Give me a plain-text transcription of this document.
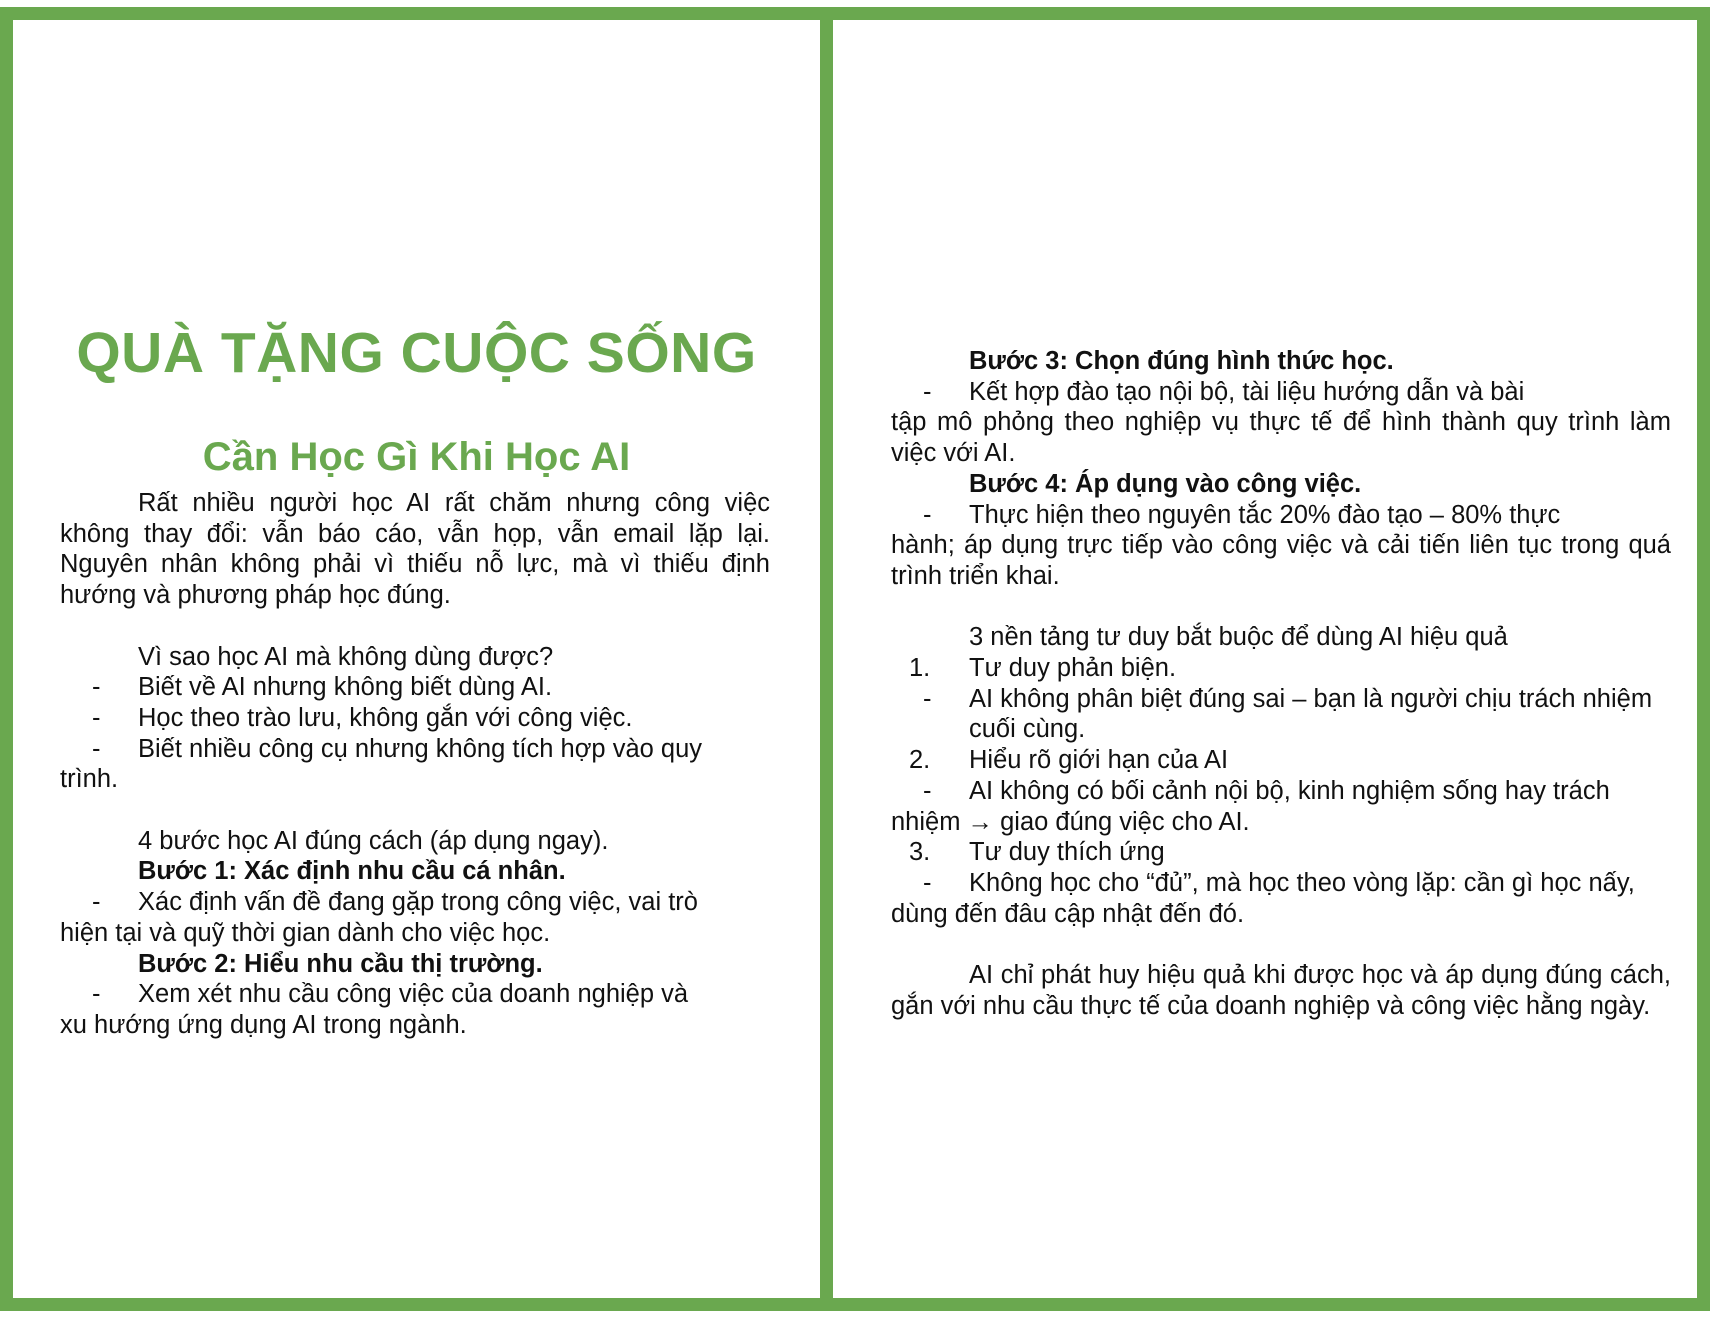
QUÀ TẶNG CUỘC SỐNG
Cần Học Gì Khi Học AI

Rất nhiều người học AI rất chăm nhưng công việc không thay đổi: vẫn báo cáo, vẫn họp, vẫn email lặp lại. Nguyên nhân không phải vì thiếu nỗ lực, mà vì thiếu định hướng và phương pháp học đúng.

Vì sao học AI mà không dùng được?

-	Biết về AI nhưng không biết dùng AI.
-	Học theo trào lưu, không gắn với công việc.
-	Biết nhiều công cụ nhưng không tích hợp vào quy

trình.

4 bước học AI đúng cách (áp dụng ngay).

Bước 1: Xác định nhu cầu cá nhân.

-	Xác định vấn đề đang gặp trong công việc, vai trò

hiện tại và quỹ thời gian dành cho việc học.

Bước 2: Hiểu nhu cầu thị trường.

-	Xem xét nhu cầu công việc của doanh nghiệp và

xu hướng ứng dụng AI trong ngành.

Bước 3: Chọn đúng hình thức học.

-	Kết hợp đào tạo nội bộ, tài liệu hướng dẫn và bài

tập mô phỏng theo nghiệp vụ thực tế để hình thành quy trình làm việc với AI.

Bước 4: Áp dụng vào công việc.

-	Thực hiện theo nguyên tắc 20% đào tạo – 80% thực

hành; áp dụng trực tiếp vào công việc và cải tiến liên tục trong quá trình triển khai.

3 nền tảng tư duy bắt buộc để dùng AI hiệu quả

1.	Tư duy phản biện.
-	AI không phân biệt đúng sai – bạn là người chịu trách nhiệm cuối cùng.
2.	Hiểu rõ giới hạn của AI
-	AI không có bối cảnh nội bộ, kinh nghiệm sống hay trách

nhiệm → giao đúng việc cho AI.

3.	Tư duy thích ứng
-	Không học cho “đủ”, mà học theo vòng lặp: cần gì học nấy,

dùng đến đâu cập nhật đến đó.

AI chỉ phát huy hiệu quả khi được học và áp dụng đúng cách, gắn với nhu cầu thực tế của doanh nghiệp và công việc hằng ngày.
